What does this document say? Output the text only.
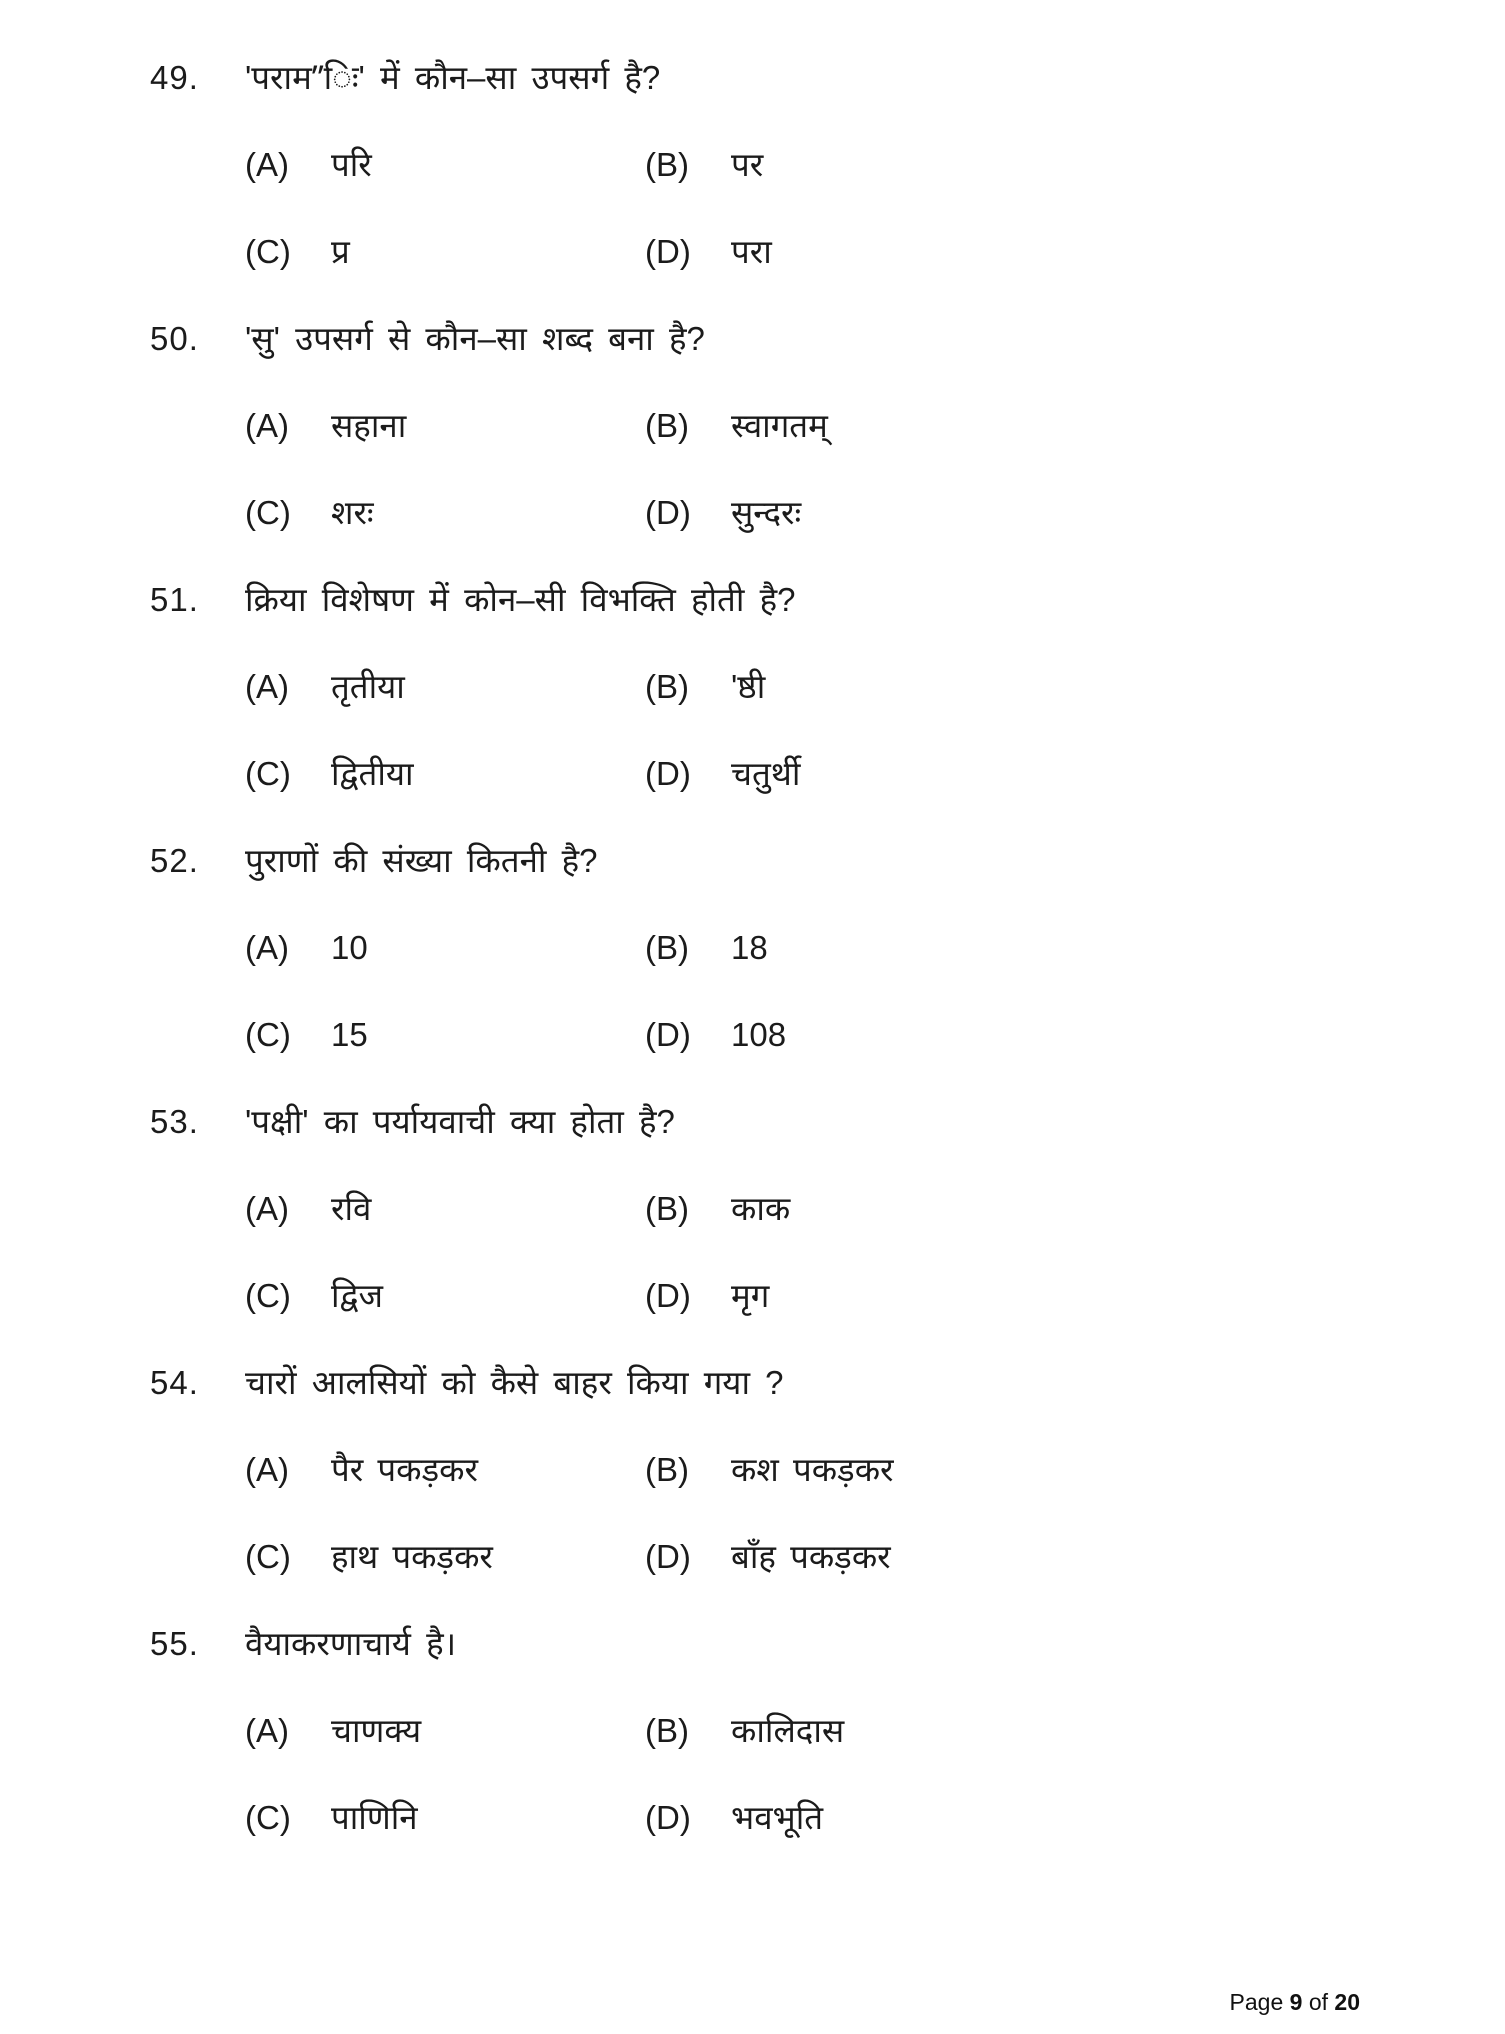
49.	'पराम”िः' में कौन–सा उपसर्ग है?
(A)	परि	(B)	पर
(C)	प्र	(D)	परा
50.	'सु' उपसर्ग से कौन–सा शब्द बना है?
(A)	सहाना	(B)	स्वागतम्
(C)	शरः	(D)	सुन्दरः
51.	क्रिया विशेषण में कोन–सी विभक्ति होती है?
(A)	तृतीया	(B)	'ष्ठी
(C)	द्वितीया	(D)	चतुर्थी
52.	पुराणों की संख्या कितनी है?
(A)	10	(B)	18
(C)	15	(D)	108
53.	'पक्षी' का पर्यायवाची क्या होता है?
(A)	रवि	(B)	काक
(C)	द्विज	(D)	मृग
54.	चारों आलसियों को कैसे बाहर किया गया ?
(A)	पैर पकड़कर	(B)	कश पकड़कर
(C)	हाथ पकड़कर	(D)	बाँह पकड़कर
55.	वैयाकरणाचार्य है।
(A)	चाणक्य	(B)	कालिदास
(C)	पाणिनि	(D)	भवभूति
Page 9 of 20
